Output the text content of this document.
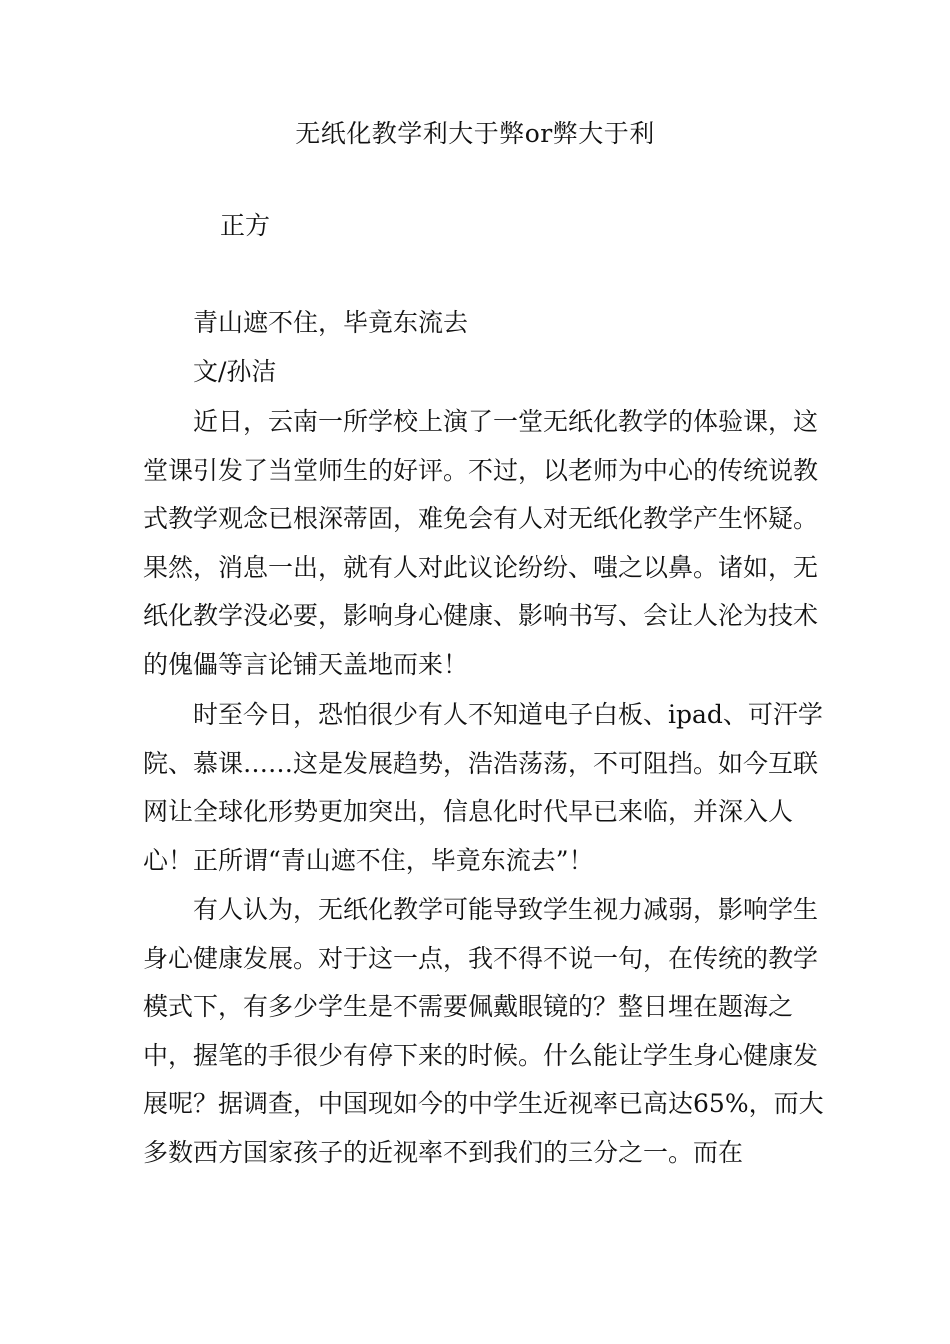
无纸化教学利大于弊or弊大于利
正方
青山遮不住，毕竟东流去
文/孙洁
近日，云南一所学校上演了一堂无纸化教学的体验课，这堂课引发了当堂师生的好评。不过，以老师为中心的传统说教式教学观念已根深蒂固，难免会有人对无纸化教学产生怀疑。果然，消息一出，就有人对此议论纷纷、嗤之以鼻。诸如，无纸化教学没必要，影响身心健康、影响书写、会让人沦为技术的傀儡等言论铺天盖地而来！
时至今日，恐怕很少有人不知道电子白板、ipad、可汗学院、慕课……这是发展趋势，浩浩荡荡，不可阻挡。如今互联网让全球化形势更加突出，信息化时代早已来临，并深入人心！正所谓“青山遮不住，毕竟东流去”！
有人认为，无纸化教学可能导致学生视力减弱，影响学生身心健康发展。对于这一点，我不得不说一句，在传统的教学模式下，有多少学生是不需要佩戴眼镜的？整日埋在题海之中，握笔的手很少有停下来的时候。什么能让学生身心健康发展呢？据调查，中国现如今的中学生近视率已高达65%，而大多数西方国家孩子的近视率不到我们的三分之一。而在
